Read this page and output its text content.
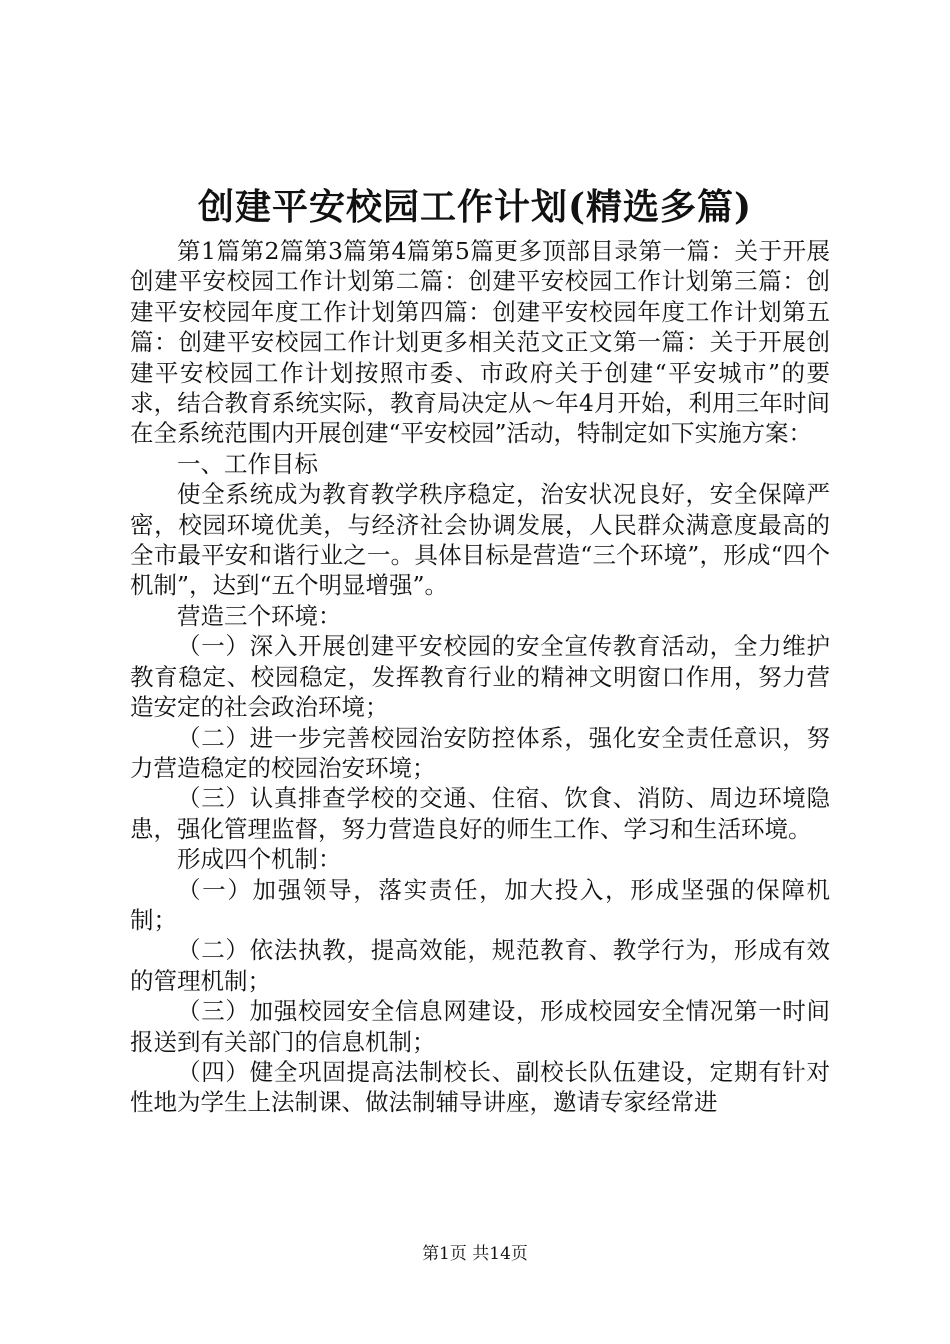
创建平安校园工作计划(精选多篇)

第1篇第2篇第3篇第4篇第5篇更多顶部目录第一篇：关于开展创建平安校园工作计划第二篇：创建平安校园工作计划第三篇：创建平安校园年度工作计划第四篇：创建平安校园年度工作计划第五篇：创建平安校园工作计划更多相关范文正文第一篇：关于开展创建平安校园工作计划按照市委、市政府关于创建“平安城市”的要求，结合教育系统实际，教育局决定从～年4月开始，利用三年时间在全系统范围内开展创建“平安校园”活动，特制定如下实施方案：

一、工作目标

使全系统成为教育教学秩序稳定，治安状况良好，安全保障严密，校园环境优美，与经济社会协调发展，人民群众满意度最高的全市最平安和谐行业之一。具体目标是营造“三个环境”，形成“四个机制”，达到“五个明显增强”。

营造三个环境：

（一）深入开展创建平安校园的安全宣传教育活动，全力维护教育稳定、校园稳定，发挥教育行业的精神文明窗口作用，努力营造安定的社会政治环境；

（二）进一步完善校园治安防控体系，强化安全责任意识，努力营造稳定的校园治安环境；

（三）认真排查学校的交通、住宿、饮食、消防、周边环境隐患，强化管理监督，努力营造良好的师生工作、学习和生活环境。

形成四个机制：

（一）加强领导，落实责任，加大投入，形成坚强的保障机制；

（二）依法执教，提高效能，规范教育、教学行为，形成有效的管理机制；

（三）加强校园安全信息网建设，形成校园安全情况第一时间报送到有关部门的信息机制；

（四）健全巩固提高法制校长、副校长队伍建设，定期有针对性地为学生上法制课、做法制辅导讲座，邀请专家经常进

第1页 共14页
